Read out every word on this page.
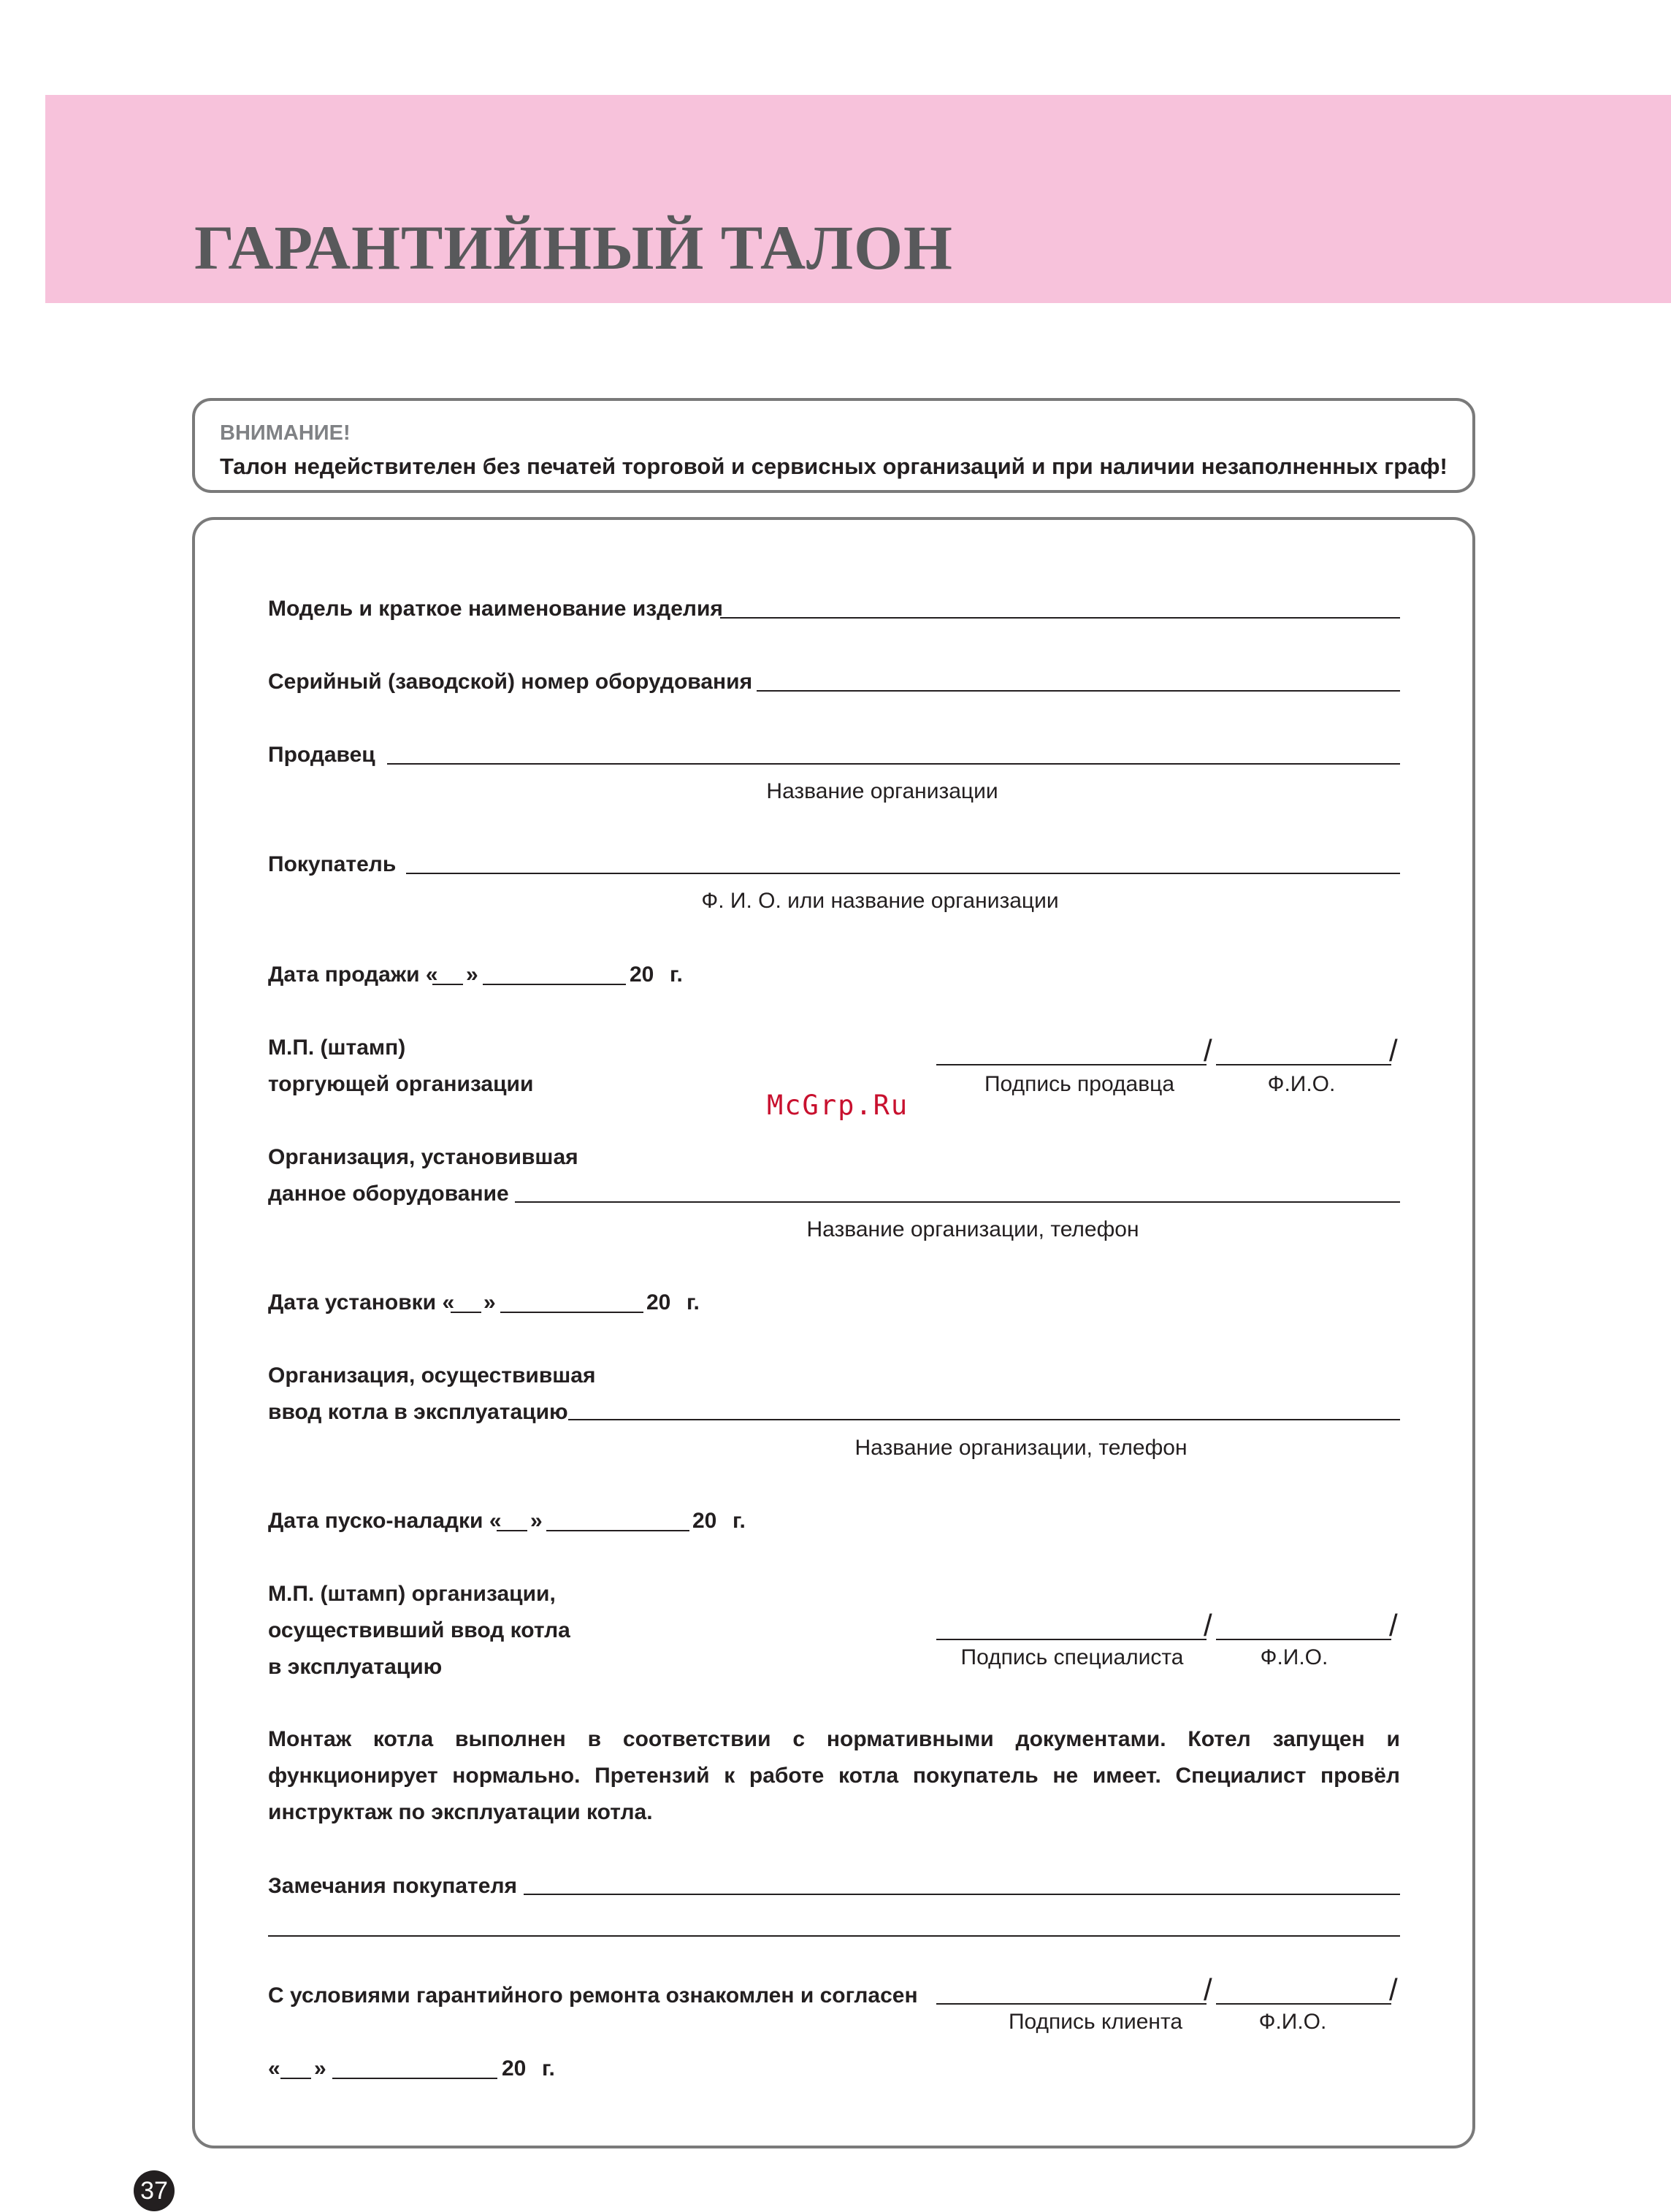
ГАРАНТИЙНЫЙ ТАЛОН
ВНИМАНИЕ!
Талон недействителен без печатей торговой и сервисных организаций и при наличии незаполненных граф!
Модель и краткое наименование изделия
Серийный (заводской) номер оборудования
Продавец
Название организации
Покупатель
Ф. И. О. или название организации
Дата продажи « »	20 г.
М.П. (штамп)
торгующей организации
/	/
Подпись продавца	Ф.И.О.
McGrp.Ru
Организация, установившая
данное оборудование
Название организации, телефон
Дата установки « »	20 г.
Организация, осуществившая
ввод котла в эксплуатацию
Название организации, телефон
Дата пуско-наладки « »	20 г.
М.П. (штамп) организации,
осуществивший ввод котла
в эксплуатацию
/	/
Подпись специалиста	Ф.И.О.
Монтаж котла выполнен в соответствии с нормативными документами. Котел запущен и функционирует нормально. Претензий к работе котла покупатель не имеет. Специалист провёл инструктаж по эксплуатации котла.
Замечания покупателя
С условиями гарантийного ремонта ознакомлен и согласен	/	/
Подпись клиента	Ф.И.О.
« »	20 г.
37
